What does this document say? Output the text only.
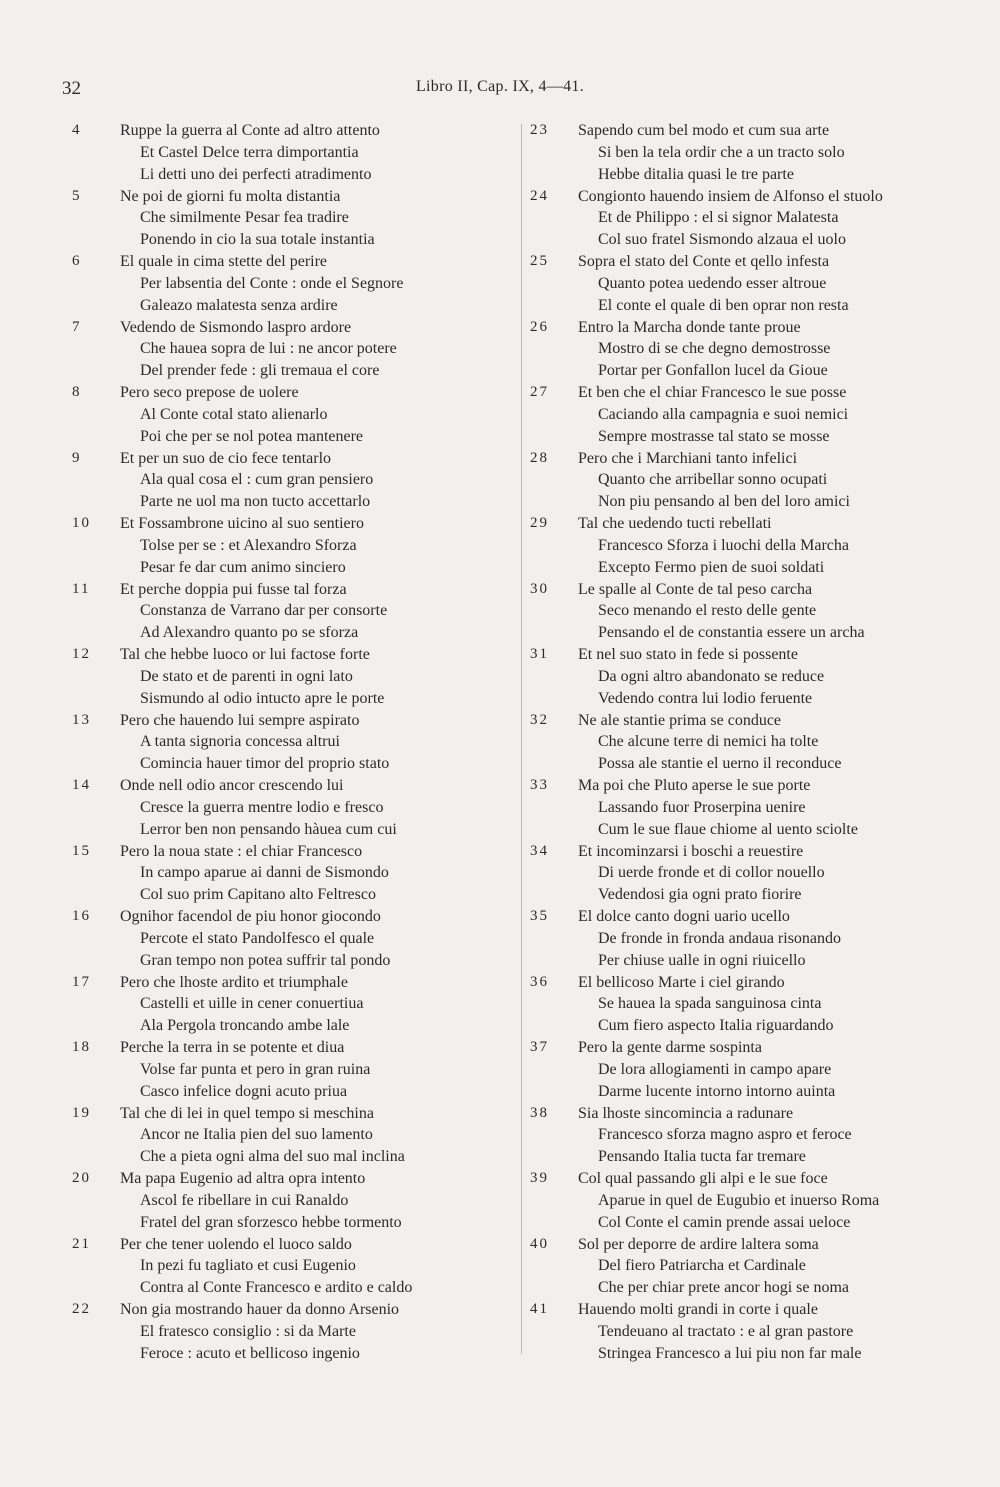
32	Libro II, Cap. IX, 4—41.
4	Ruppe la guerra al Conte ad altro attento
Et Castel Delce terra dimportantia
Li detti uno dei perfecti atradimento
5	Ne poi de giorni fu molta distantia
Che similmente Pesar fea tradire
Ponendo in cio la sua totale instantia
6	El quale in cima stette del perire
Per labsentia del Conte : onde el Segnore
Galeazo malatesta senza ardire
7	Vedendo de Sismondo laspro ardore
Che hauea sopra de lui : ne ancor potere
Del prender fede : gli tremaua el core
8	Pero seco prepose de uolere
Al Conte cotal stato alienarlo
Poi che per se nol potea mantenere
9	Et per un suo de cio fece tentarlo
Ala qual cosa el : cum gran pensiero
Parte ne uol ma non tucto accettarlo
10	Et Fossambrone uicino al suo sentiero
Tolse per se : et Alexandro Sforza
Pesar fe dar cum animo sinciero
11	Et perche doppia pui fusse tal forza
Constanza de Varrano dar per consorte
Ad Alexandro quanto po se sforza
12	Tal che hebbe luoco or lui factose forte
De stato et de parenti in ogni lato
Sismundo al odio intucto apre le porte
13	Pero che hauendo lui sempre aspirato
A tanta signoria concessa altrui
Comincia hauer timor del proprio stato
14	Onde nell odio ancor crescendo lui
Cresce la guerra mentre lodio e fresco
Lerror ben non pensando hàuea cum cui
15	Pero la noua state : el chiar Francesco
In campo aparue ai danni de Sismondo
Col suo prim Capitano alto Feltresco
16	Ognihor facendol de piu honor giocondo
Percote el stato Pandolfesco el quale
Gran tempo non potea suffrir tal pondo
17	Pero che lhoste ardito et triumphale
Castelli et uille in cener conuertiua
Ala Pergola troncando ambe lale
18	Perche la terra in se potente et diua
Volse far punta et pero in gran ruina
Casco infelice dogni acuto priua
19	Tal che di lei in quel tempo si meschina
Ancor ne Italia pien del suo lamento
Che a pieta ogni alma del suo mal inclina
20	Ma papa Eugenio ad altra opra intento
Ascol fe ribellare in cui Ranaldo
Fratel del gran sforzesco hebbe tormento
21	Per che tener uolendo el luoco saldo
In pezi fu tagliato et cusi Eugenio
Contra al Conte Francesco e ardito e caldo
22	Non gia mostrando hauer da donno Arsenio
El fratesco consiglio : si da Marte
Feroce : acuto et bellicoso ingenio
23	Sapendo cum bel modo et cum sua arte
Si ben la tela ordir che a un tracto solo
Hebbe ditalia quasi le tre parte
24	Congionto hauendo insiem de Alfonso el stuolo
Et de Philippo : el si signor Malatesta
Col suo fratel Sismondo alzaua el uolo
25	Sopra el stato del Conte et qello infesta
Quanto potea uedendo esser altroue
El conte el quale di ben oprar non resta
26	Entro la Marcha donde tante proue
Mostro di se che degno demostrosse
Portar per Gonfallon lucel da Gioue
27	Et ben che el chiar Francesco le sue posse
Caciando alla campagnia e suoi nemici
Sempre mostrasse tal stato se mosse
28	Pero che i Marchiani tanto infelici
Quanto che arribellar sonno ocupati
Non piu pensando al ben del loro amici
29	Tal che uedendo tucti rebellati
Francesco Sforza i luochi della Marcha
Excepto Fermo pien de suoi soldati
30	Le spalle al Conte de tal peso carcha
Seco menando el resto delle gente
Pensando el de constantia essere un archa
31	Et nel suo stato in fede si possente
Da ogni altro abandonato se reduce
Vedendo contra lui lodio feruente
32	Ne ale stantie prima se conduce
Che alcune terre di nemici ha tolte
Possa ale stantie el uerno il reconduce
33	Ma poi che Pluto aperse le sue porte
Lassando fuor Proserpina uenire
Cum le sue flaue chiome al uento sciolte
34	Et incominzarsi i boschi a reuestire
Di uerde fronde et di collor nouello
Vedendosi gia ogni prato fiorire
35	El dolce canto dogni uario ucello
De fronde in fronda andaua risonando
Per chiuse ualle in ogni riuicello
36	El bellicoso Marte i ciel girando
Se hauea la spada sanguinosa cinta
Cum fiero aspecto Italia riguardando
37	Pero la gente darme sospinta
De lora allogiamenti in campo apare
Darme lucente intorno intorno auinta
38	Sia lhoste sincomincia a radunare
Francesco sforza magno aspro et feroce
Pensando Italia tucta far tremare
39	Col qual passando gli alpi e le sue foce
Aparue in quel de Eugubio et inuerso Roma
Col Conte el camin prende assai ueloce
40	Sol per deporre de ardire laltera soma
Del fiero Patriarcha et Cardinale
Che per chiar prete ancor hogi se noma
41	Hauendo molti grandi in corte i quale
Tendeuano al tractato : e al gran pastore
Stringea Francesco a lui piu non far male
